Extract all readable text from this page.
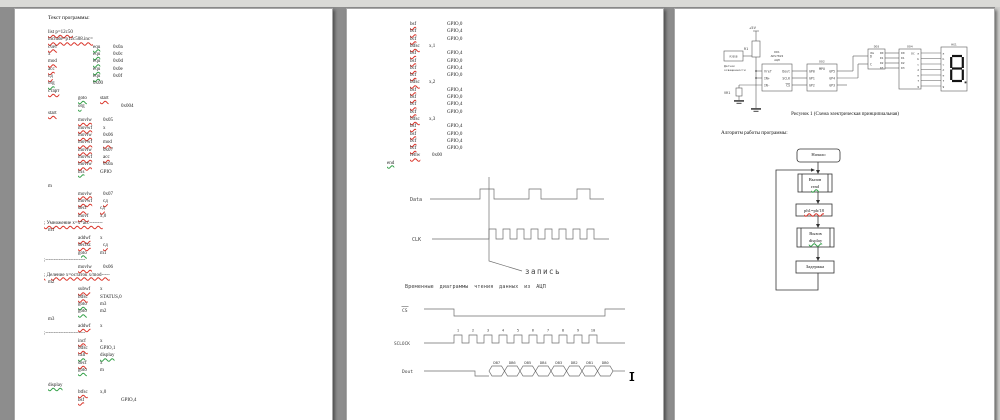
Текст программы:
list p=12c50
include=p12c508.inc=
счет	equ	0x0a
x	equ	0x0c
mod	equ	0x0d
асс	equ	0x0e
сд	equ	0x0f
org	0x00
старт
goto	start
org	0x004
start
movlw 0x05
movwf x
movlw 0x06
movwf mod
movlw 0x07
movwf асс
movlw 0x0a
tris	GPIO
m
movlw 0x07
movwf сд
decf	сд
movf x,0
; Умножение x=x*асс--------
m1
addwf x
decfsz сд
goto	m1
;------------------------
movlw 0x06
; Деление x=остаток x/mod-----
m2
subwf x
btfsc STATUS,0
goto	m3
goto	m2
m3
addwf x
;------------------------
incf	x
btfsc GPIO,1
call	display
decf	x
goto	m
display
btfsc x,0
bsf	GPIO,4
bsf	GPIO,0
bcf	GPIO,4
bcf	GPIO,0
btfsc x,1
bsf	GPIO,4
bsf	GPIO,0
bcf	GPIO,4
bcf	GPIO,0
btfsc x,2
bsf	GPIO,4
bsf	GPIO,0
bcf	GPIO,4
bcf	GPIO,0
btfsc x,3
bsf	GPIO,4
bsf	GPIO,0
bcf	GPIO,4
bcf	GPIO,0
retlw 0x00
end
Data
CLK
запись
Временные диаграммы чтения данных из АЦП
CS
SCLOCK
Dout
1	2	3	4	5	6	7	8	9	10
DB7 DB6 DB5 DB4 DB3 DB2 DB1 DB0
+5V
R1
VR1
MJ05B
Датчик
освещенности
DD1
ADS7822
АЦП
Vref
IN+
IN-
Dout
SCLK
CS
DD2
MPU
GP0
GP1
GP2
GP5
GP4
GP3
DD3
RG
D
C
D0
D1
D2
D3
DD4
DC
D0
D1
D2
D3
a
b
c
d
e
f
g
HG1
a
b
c
d
e
f
g
Рисунок 1 (Схема электрическая принципиальная)
Алгоритм работы программы:
Начало
Вызов
read
ph1=ph/18
Вызов
display
Задержка
